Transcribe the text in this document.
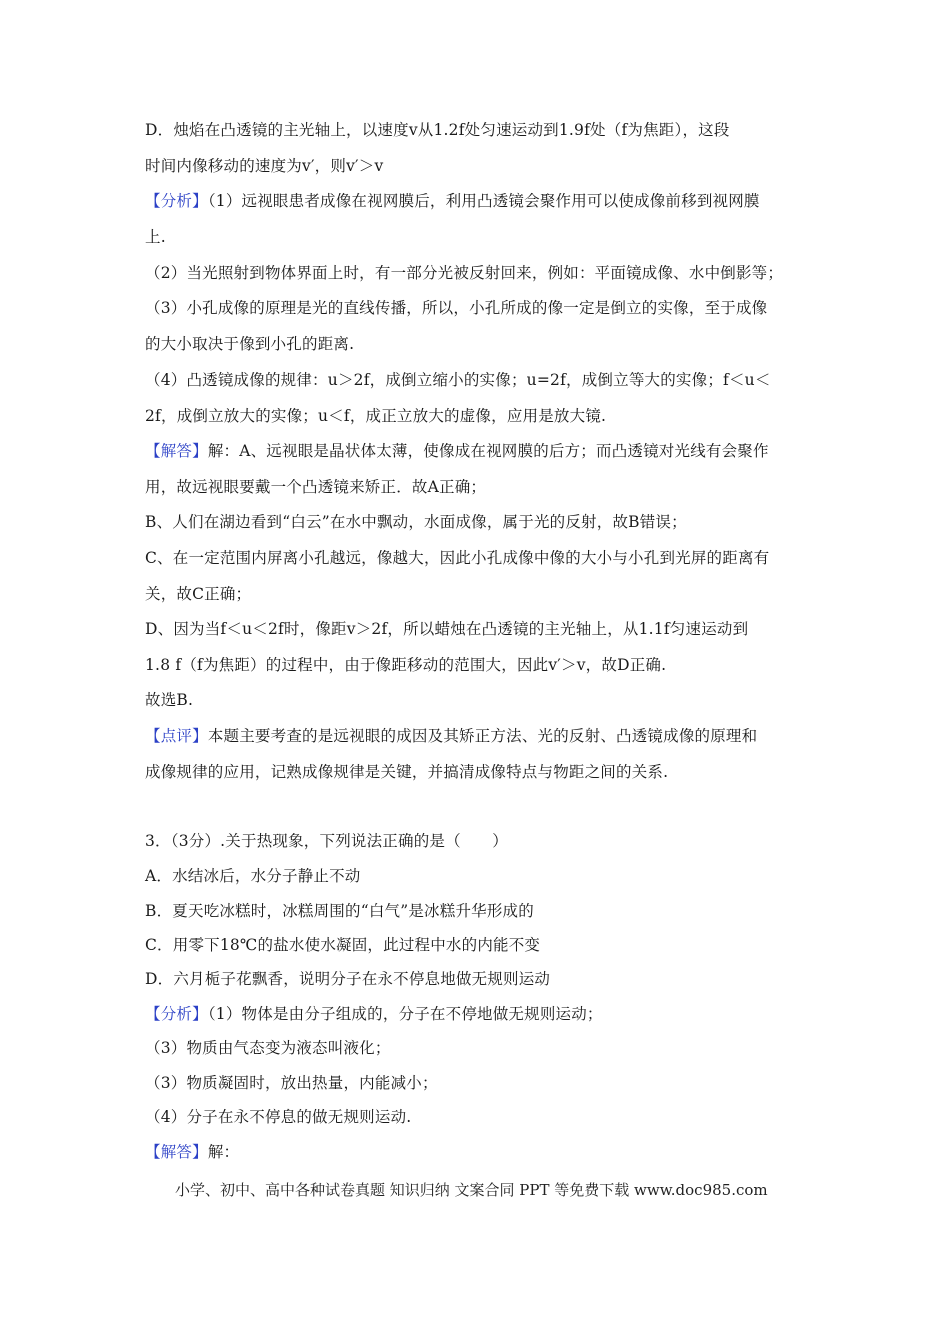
D．烛焰在凸透镜的主光轴上，以速度v从1.2f处匀速运动到1.9f处（f为焦距），这段
时间内像移动的速度为v′，则v′＞v
【分析】（1）远视眼患者成像在视网膜后，利用凸透镜会聚作用可以使成像前移到视网膜
上.
（2）当光照射到物体界面上时，有一部分光被反射回来，例如：平面镜成像、水中倒影等；
（3）小孔成像的原理是光的直线传播，所以，小孔所成的像一定是倒立的实像，至于成像
的大小取决于像到小孔的距离.
（4）凸透镜成像的规律：u＞2f，成倒立缩小的实像；u=2f，成倒立等大的实像；f＜u＜
2f，成倒立放大的实像；u＜f，成正立放大的虚像，应用是放大镜.
【解答】解：A、远视眼是晶状体太薄，使像成在视网膜的后方；而凸透镜对光线有会聚作
用，故远视眼要戴一个凸透镜来矫正．故A正确；
B、人们在湖边看到“白云”在水中飘动，水面成像，属于光的反射，故B错误；
C、在一定范围内屏离小孔越远，像越大，因此小孔成像中像的大小与小孔到光屏的距离有
关，故C正确；
D、因为当f＜u＜2f时，像距v＞2f，所以蜡烛在凸透镜的主光轴上，从1.1f匀速运动到
1.8 f（f为焦距）的过程中，由于像距移动的范围大，因此v′＞v，故D正确.
故选B.
【点评】本题主要考查的是远视眼的成因及其矫正方法、光的反射、凸透镜成像的原理和
成像规律的应用，记熟成像规律是关键，并搞清成像特点与物距之间的关系.
3．（3分）.关于热现象，下列说法正确的是（　　）
A．水结冰后，水分子静止不动
B．夏天吃冰糕时，冰糕周围的“白气”是冰糕升华形成的
C．用零下18℃的盐水使水凝固，此过程中水的内能不变
D．六月栀子花飘香，说明分子在永不停息地做无规则运动
【分析】（1）物体是由分子组成的，分子在不停地做无规则运动；
（3）物质由气态变为液态叫液化；
（3）物质凝固时，放出热量，内能减小；
（4）分子在永不停息的做无规则运动.
【解答】解：
小学、初中、高中各种试卷真题 知识归纳 文案合同 PPT 等免费下载 www.doc985.com
